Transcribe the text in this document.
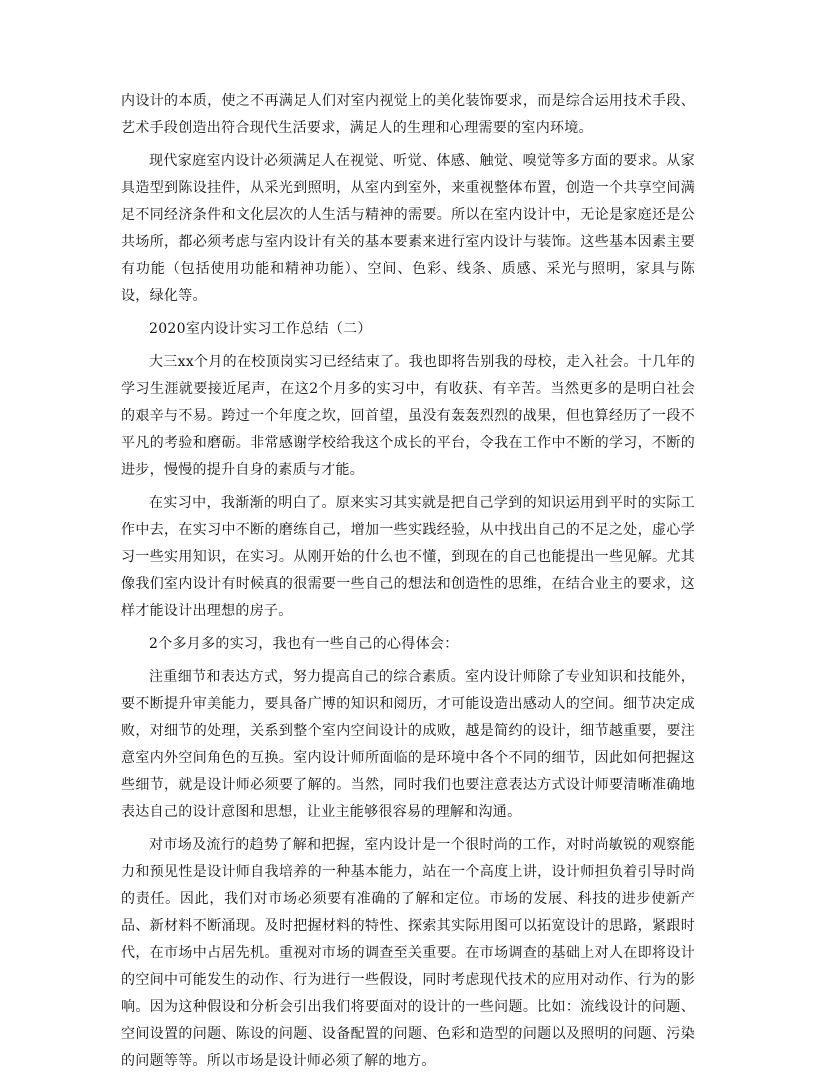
内设计的本质，使之不再满足人们对室内视觉上的美化装饰要求，而是综合运用技术手段、艺术手段创造出符合现代生活要求，满足人的生理和心理需要的室内环境。

现代家庭室内设计必须满足人在视觉、听觉、体感、触觉、嗅觉等多方面的要求。从家具造型到陈设挂件，从采光到照明，从室内到室外，来重视整体布置，创造一个共享空间满足不同经济条件和文化层次的人生活与精神的需要。所以在室内设计中，无论是家庭还是公共场所，都必须考虑与室内设计有关的基本要素来进行室内设计与装饰。这些基本因素主要有功能（包括使用功能和精神功能）、空间、色彩、线条、质感、采光与照明，家具与陈设，绿化等。

2020室内设计实习工作总结（二）

大三xx个月的在校顶岗实习已经结束了。我也即将告别我的母校，走入社会。十几年的学习生涯就要接近尾声，在这2个月多的实习中，有收获、有辛苦。当然更多的是明白社会的艰辛与不易。跨过一个年度之坎，回首望，虽没有轰轰烈烈的战果，但也算经历了一段不平凡的考验和磨砺。非常感谢学校给我这个成长的平台，令我在工作中不断的学习，不断的进步，慢慢的提升自身的素质与才能。

在实习中，我渐渐的明白了。原来实习其实就是把自己学到的知识运用到平时的实际工作中去，在实习中不断的磨练自己，增加一些实践经验，从中找出自己的不足之处，虚心学习一些实用知识，在实习。从刚开始的什么也不懂，到现在的自己也能提出一些见解。尤其像我们室内设计有时候真的很需要一些自己的想法和创造性的思维，在结合业主的要求，这样才能设计出理想的房子。

2个多月多的实习，我也有一些自己的心得体会：

注重细节和表达方式，努力提高自己的综合素质。室内设计师除了专业知识和技能外，要不断提升审美能力，要具备广博的知识和阅历，才可能设造出感动人的空间。细节决定成败，对细节的处理，关系到整个室内空间设计的成败，越是简约的设计，细节越重要，要注意室内外空间角色的互换。室内设计师所面临的是环境中各个不同的细节，因此如何把握这些细节，就是设计师必须要了解的。当然，同时我们也要注意表达方式设计师要清晰准确地表达自己的设计意图和思想，让业主能够很容易的理解和沟通。

对市场及流行的趋势了解和把握，室内设计是一个很时尚的工作，对时尚敏锐的观察能力和预见性是设计师自我培养的一种基本能力，站在一个高度上讲，设计师担负着引导时尚的责任。因此，我们对市场必须要有准确的了解和定位。市场的发展、科技的进步使新产品、新材料不断涌现。及时把握材料的特性、探索其实际用图可以拓宽设计的思路，紧跟时代，在市场中占居先机。重视对市场的调查至关重要。在市场调查的基础上对人在即将设计的空间中可能发生的动作、行为进行一些假设，同时考虑现代技术的应用对动作、行为的影响。因为这种假设和分析会引出我们将要面对的设计的一些问题。比如：流线设计的问题、空间设置的问题、陈设的问题、设备配置的问题、色彩和造型的问题以及照明的问题、污染的问题等等。所以市场是设计师必须了解的地方。
